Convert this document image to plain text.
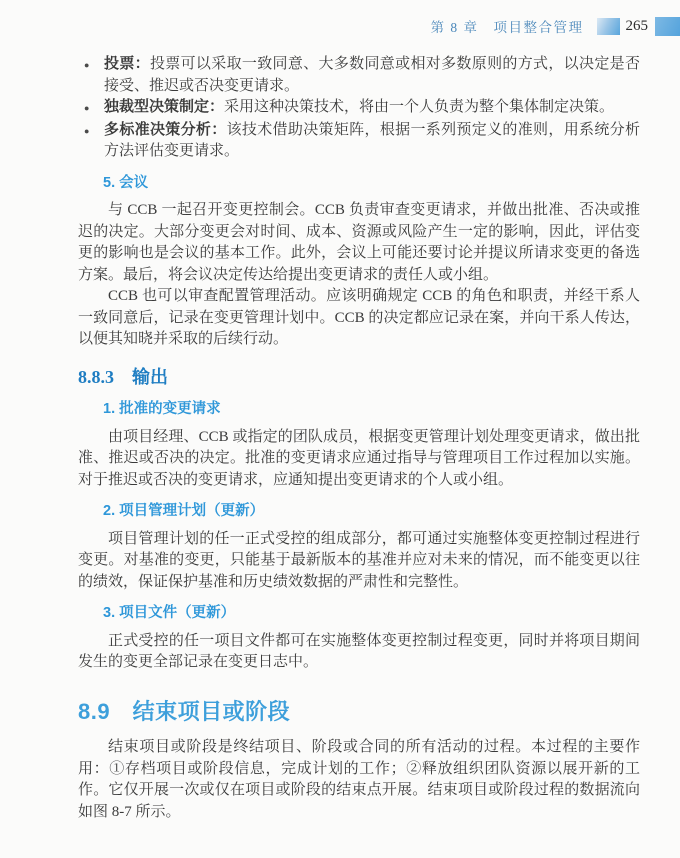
第 8 章　项目整合管理	265
● 投票：投票可以采取一致同意、大多数同意或相对多数原则的方式，以决定是否接受、推迟或否决变更请求。
● 独裁型决策制定：采用这种决策技术，将由一个人负责为整个集体制定决策。
● 多标准决策分析：该技术借助决策矩阵，根据一系列预定义的准则，用系统分析方法评估变更请求。
5. 会议

与 CCB 一起召开变更控制会。CCB 负责审查变更请求，并做出批准、否决或推迟的决定。大部分变更会对时间、成本、资源或风险产生一定的影响，因此，评估变更的影响也是会议的基本工作。此外，会议上可能还要讨论并提议所请求变更的备选方案。最后，将会议决定传达给提出变更请求的责任人或小组。

CCB 也可以审查配置管理活动。应该明确规定 CCB 的角色和职责，并经干系人一致同意后，记录在变更管理计划中。CCB 的决定都应记录在案，并向干系人传达，以便其知晓并采取的后续行动。

8.8.3　输出
1. 批准的变更请求

由项目经理、CCB 或指定的团队成员，根据变更管理计划处理变更请求，做出批准、推迟或否决的决定。批准的变更请求应通过指导与管理项目工作过程加以实施。对于推迟或否决的变更请求，应通知提出变更请求的个人或小组。

2. 项目管理计划（更新）

项目管理计划的任一正式受控的组成部分，都可通过实施整体变更控制过程进行变更。对基准的变更，只能基于最新版本的基准并应对未来的情况，而不能变更以往的绩效，保证保护基准和历史绩效数据的严肃性和完整性。

3. 项目文件（更新）

正式受控的任一项目文件都可在实施整体变更控制过程变更，同时并将项目期间发生的变更全部记录在变更日志中。

8.9　结束项目或阶段

结束项目或阶段是终结项目、阶段或合同的所有活动的过程。本过程的主要作用：①存档项目或阶段信息，完成计划的工作；②释放组织团队资源以展开新的工作。它仅开展一次或仅在项目或阶段的结束点开展。结束项目或阶段过程的数据流向如图 8-7 所示。
